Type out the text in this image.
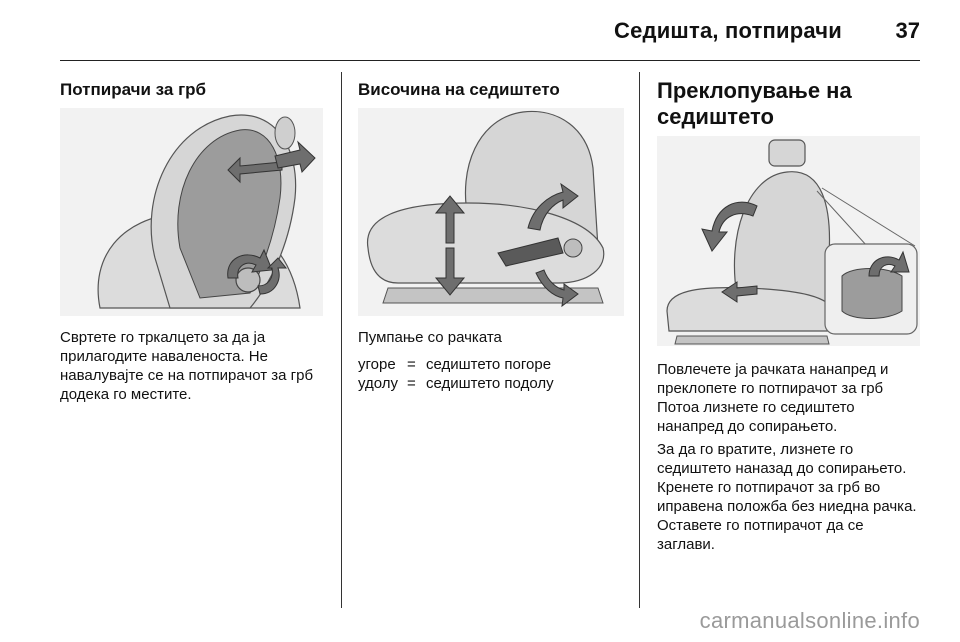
Седишта, потпирачи 37
Потпирачи за грб

Свртете го тркалцето за да ја прилагодите наваленоста. Не навалувајте се на потпирачот за грб додека го местите.

Височина на седиштето
Пумпање со рачката
угоре = седиштето погоре
удолу = седиштето подолу
Преклопување на
седиштето

Повлечете ја рачката нанапред и преклопете го потпирачот за грб Потоа лизнете го седиштето нанапред до сопирањето.

За да го вратите, лизнете го седиштето наназад до сопирањето. Кренете го потпирачот за грб во иправена положба без ниедна рачка. Оставете го потпирачот да се заглави.

carmanualsonline.info
